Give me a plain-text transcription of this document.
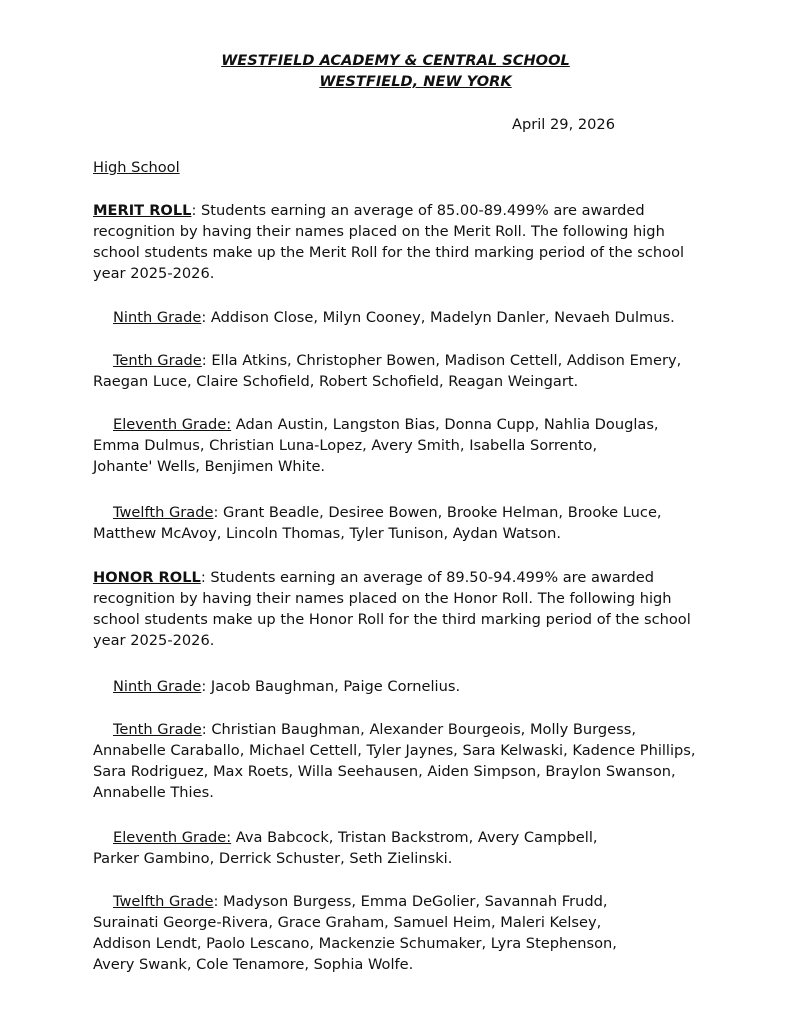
WESTFIELD ACADEMY & CENTRAL SCHOOL
WESTFIELD, NEW YORK
April 29, 2026
High School
MERIT ROLL: Students earning an average of 85.00-89.499% are awarded
recognition by having their names placed on the Merit Roll. The following high
school students make up the Merit Roll for the third marking period of the school
year 2025-2026.
Ninth Grade: Addison Close, Milyn Cooney, Madelyn Danler, Nevaeh Dulmus.
Tenth Grade: Ella Atkins, Christopher Bowen, Madison Cettell, Addison Emery,
Raegan Luce, Claire Schofield, Robert Schofield, Reagan Weingart.
Eleventh Grade: Adan Austin, Langston Bias, Donna Cupp, Nahlia Douglas,
Emma Dulmus, Christian Luna-Lopez, Avery Smith, Isabella Sorrento,
Johante' Wells, Benjimen White.
Twelfth Grade: Grant Beadle, Desiree Bowen, Brooke Helman, Brooke Luce,
Matthew McAvoy, Lincoln Thomas, Tyler Tunison, Aydan Watson.
HONOR ROLL: Students earning an average of 89.50-94.499% are awarded
recognition by having their names placed on the Honor Roll. The following high
school students make up the Honor Roll for the third marking period of the school
year 2025-2026.
Ninth Grade: Jacob Baughman, Paige Cornelius.
Tenth Grade: Christian Baughman, Alexander Bourgeois, Molly Burgess,
Annabelle Caraballo, Michael Cettell, Tyler Jaynes, Sara Kelwaski, Kadence Phillips,
Sara Rodriguez, Max Roets, Willa Seehausen, Aiden Simpson, Braylon Swanson,
Annabelle Thies.
Eleventh Grade: Ava Babcock, Tristan Backstrom, Avery Campbell,
Parker Gambino, Derrick Schuster, Seth Zielinski.
Twelfth Grade: Madyson Burgess, Emma DeGolier, Savannah Frudd,
Surainati George-Rivera, Grace Graham, Samuel Heim, Maleri Kelsey,
Addison Lendt, Paolo Lescano, Mackenzie Schumaker, Lyra Stephenson,
Avery Swank, Cole Tenamore, Sophia Wolfe.
